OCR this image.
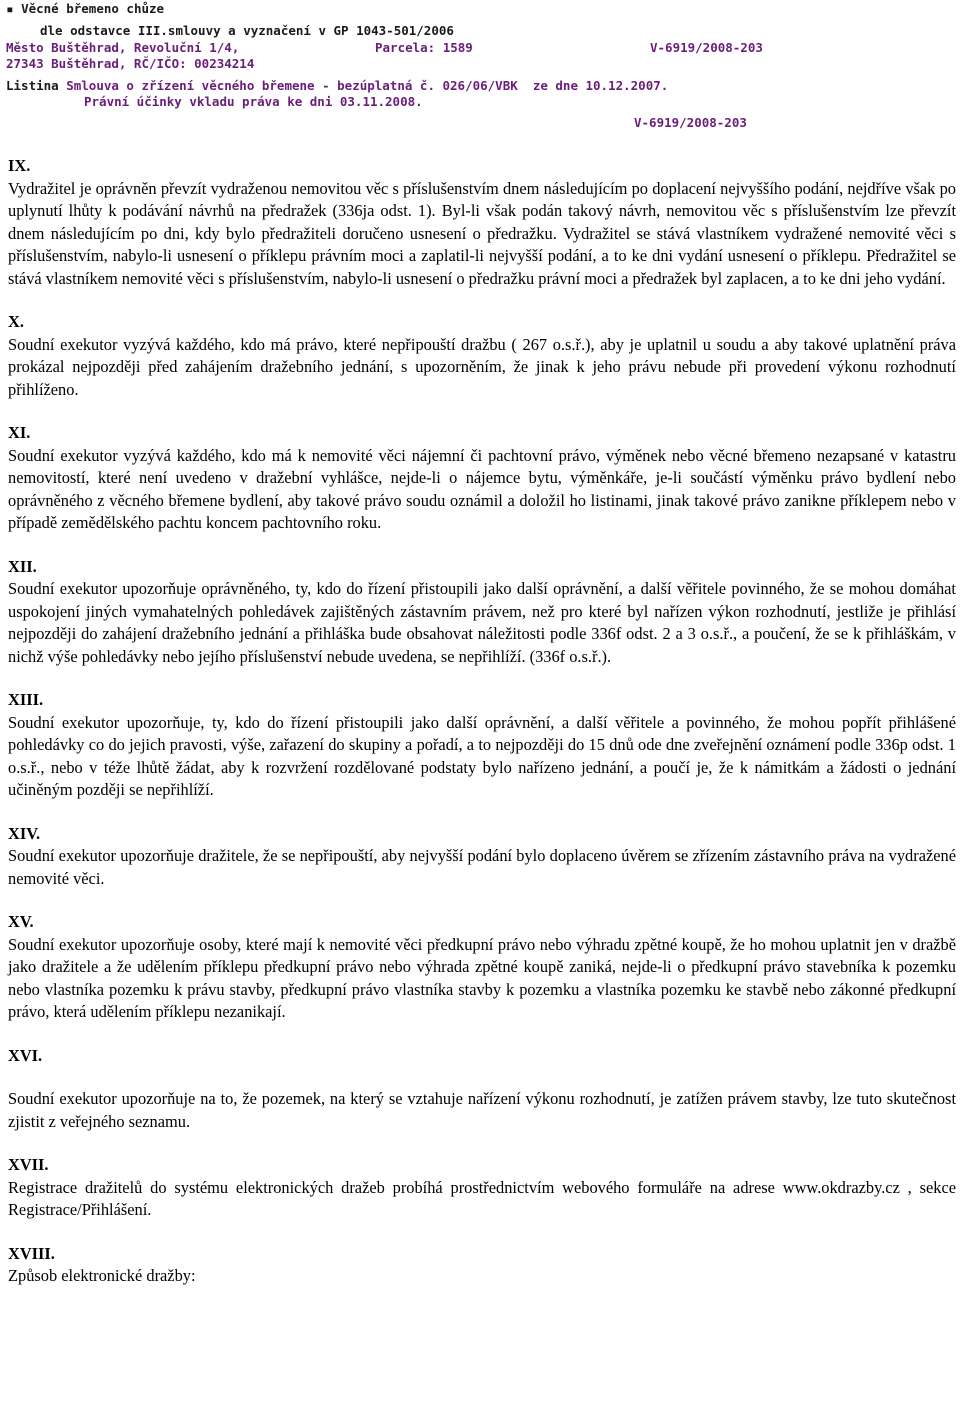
▪ Věcné břemeno chůze
dle odstavce III.smlouvy a vyznačení v GP 1043-501/2006
Město Buštěhrad, Revoluční 1/4,	Parcela: 1589	V-6919/2008-203
27343 Buštěhrad, RČ/IČO: 00234214
Listina Smlouva o zřízení věcného břemene - bezúplatná č. 026/06/VBK ze dne 10.12.2007.
Právní účinky vkladu práva ke dni 03.11.2008.
V-6919/2008-203
IX.

Vydražitel je oprávněn převzít vydraženou nemovitou věc s příslušenstvím dnem následujícím po doplacení nejvyššího podání, nejdříve však po uplynutí lhůty k podávání návrhů na předražek (336ja odst. 1). Byl-li však podán takový návrh, nemovitou věc s příslušenstvím lze převzít dnem následujícím po dni, kdy bylo předražiteli doručeno usnesení o předražku. Vydražitel se stává vlastníkem vydražené nemovité věci s příslušenstvím, nabylo-li usnesení o příklepu právním moci a zaplatil-li nejvyšší podání, a to ke dni vydání usnesení o příklepu. Předražitel se stává vlastníkem nemovité věci s příslušenstvím, nabylo-li usnesení o předražku právní moci a předražek byl zaplacen, a to ke dni jeho vydání.

X.

Soudní exekutor vyzývá každého, kdo má právo, které nepřipouští dražbu ( 267 o.s.ř.), aby je uplatnil u soudu a aby takové uplatnění práva prokázal nejpozději před zahájením dražebního jednání, s upozorněním, že jinak k jeho právu nebude při provedení výkonu rozhodnutí přihlíženo.

XI.

Soudní exekutor vyzývá každého, kdo má k nemovité věci nájemní či pachtovní právo, výměnek nebo věcné břemeno nezapsané v katastru nemovitostí, které není uvedeno v dražební vyhlášce, nejde-li o nájemce bytu, výměnkáře, je-li součástí výměnku právo bydlení nebo oprávněného z věcného břemene bydlení, aby takové právo soudu oznámil a doložil ho listinami, jinak takové právo zanikne příklepem nebo v případě zemědělského pachtu koncem pachtovního roku.

XII.

Soudní exekutor upozorňuje oprávněného, ty, kdo do řízení přistoupili jako další oprávnění, a další věřitele povinného, že se mohou domáhat uspokojení jiných vymahatelných pohledávek zajištěných zástavním právem, než pro které byl nařízen výkon rozhodnutí, jestliže je přihlásí nejpozději do zahájení dražebního jednání a přihláška bude obsahovat náležitosti podle 336f odst. 2 a 3 o.s.ř., a poučení, že se k přihláškám, v nichž výše pohledávky nebo jejího příslušenství nebude uvedena, se nepřihlíží. (336f o.s.ř.).

XIII.

Soudní exekutor upozorňuje, ty, kdo do řízení přistoupili jako další oprávnění, a další věřitele a povinného, že mohou popřít přihlášené pohledávky co do jejich pravosti, výše, zařazení do skupiny a pořadí, a to nejpozději do 15 dnů ode dne zveřejnění oznámení podle 336p odst. 1 o.s.ř., nebo v téže lhůtě žádat, aby k rozvržení rozdělované podstaty bylo nařízeno jednání, a poučí je, že k námitkám a žádosti o jednání učiněným později se nepřihlíží.

XIV.

Soudní exekutor upozorňuje dražitele, že se nepřipouští, aby nejvyšší podání bylo doplaceno úvěrem se zřízením zástavního práva na vydražené nemovité věci.

XV.

Soudní exekutor upozorňuje osoby, které mají k nemovité věci předkupní právo nebo výhradu zpětné koupě, že ho mohou uplatnit jen v dražbě jako dražitele a že udělením příklepu předkupní právo nebo výhrada zpětné koupě zaniká, nejde-li o předkupní právo stavebníka k pozemku nebo vlastníka pozemku k právu stavby, předkupní právo vlastníka stavby k pozemku a vlastníka pozemku ke stavbě nebo zákonné předkupní právo, která udělením příklepu nezanikají.

XVI.

Soudní exekutor upozorňuje na to, že pozemek, na který se vztahuje nařízení výkonu rozhodnutí, je zatížen právem stavby, lze tuto skutečnost zjistit z veřejného seznamu.

XVII.

Registrace dražitelů do systému elektronických dražeb probíhá prostřednictvím webového formuláře na adrese www.okdrazby.cz , sekce Registrace/Přihlášení.

XVIII.

Způsob elektronické dražby:
